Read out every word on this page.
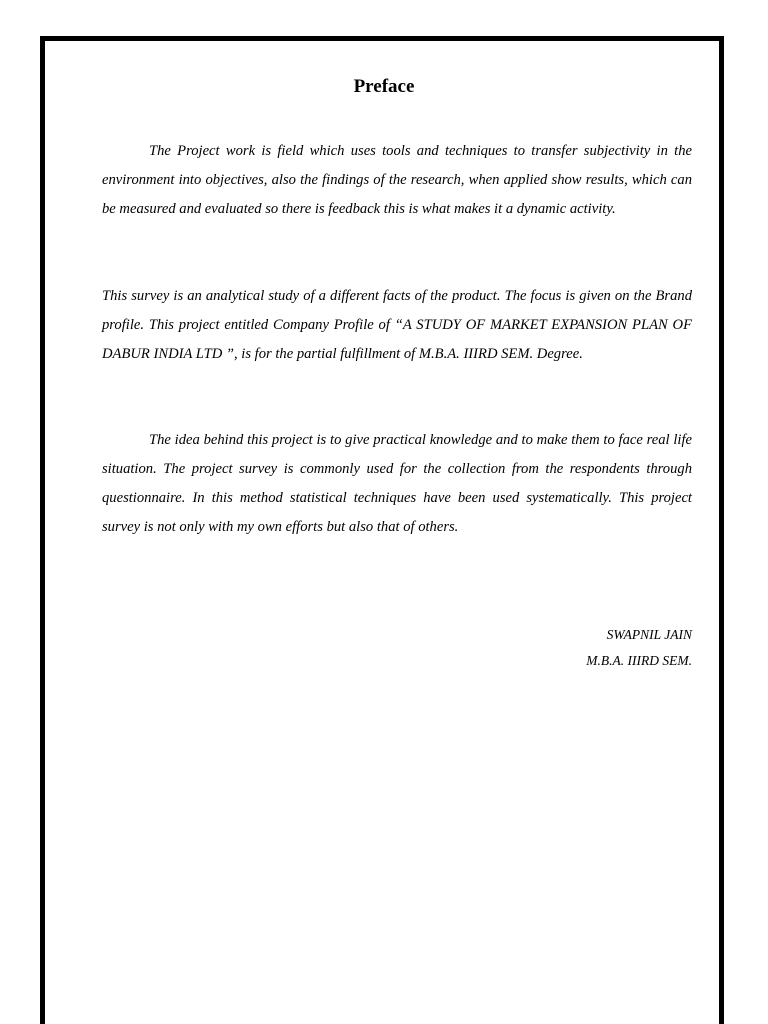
Preface

The Project work is field which uses tools and techniques to transfer subjectivity in the environment into objectives, also the findings of the research, when applied show results, which can be measured and evaluated so there is feedback this is what makes it a dynamic activity.

This survey is an analytical study of a different facts of the product. The focus is given on the Brand profile. This project entitled Company Profile of “A STUDY OF MARKET EXPANSION PLAN OF DABUR INDIA LTD ”, is for the partial fulfillment of M.B.A. IIIRD SEM. Degree.

The idea behind this project is to give practical knowledge and to make them to face real life situation. The project survey is commonly used for the collection from the respondents through questionnaire. In this method statistical techniques have been used systematically. This project survey is not only with my own efforts but also that of others.

SWAPNIL JAIN

M.B.A. IIIRD SEM.
